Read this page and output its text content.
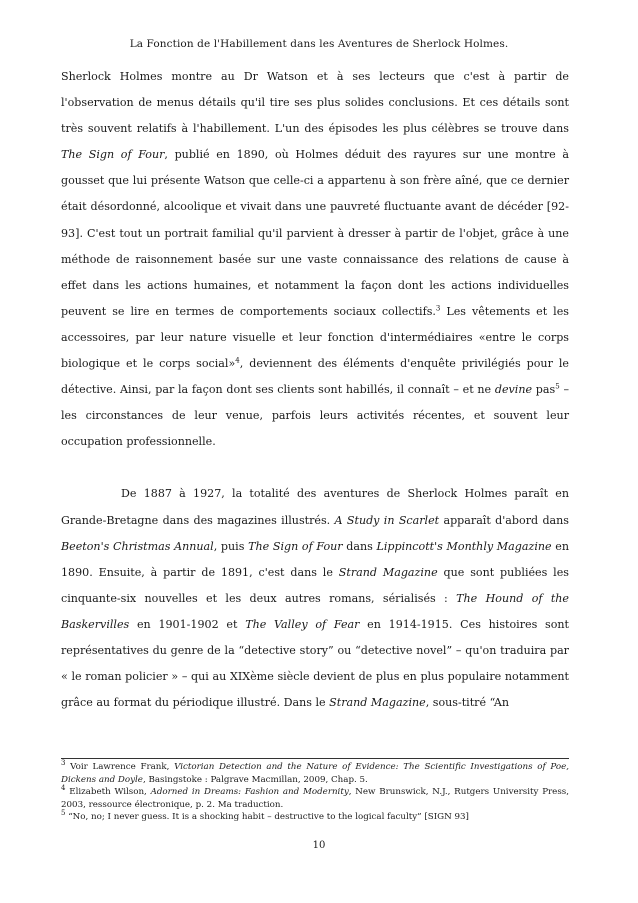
La Fonction de l'Habillement dans les Aventures de Sherlock Holmes.

Sherlock Holmes montre au Dr Watson et à ses lecteurs que c'est à partir de l'observation de menus détails qu'il tire ses plus solides conclusions. Et ces détails sont très souvent relatifs à l'habillement. L'un des épisodes les plus célèbres se trouve dans The Sign of Four, publié en 1890, où Holmes déduit des rayures sur une montre à gousset que lui présente Watson que celle-ci a appartenu à son frère aîné, que ce dernier était désordonné, alcoolique et vivait dans une pauvreté fluctuante avant de décéder [92-93]. C'est tout un portrait familial qu'il parvient à dresser à partir de l'objet, grâce à une méthode de raisonnement basée sur une vaste connaissance des relations de cause à effet dans les actions humaines, et notamment la façon dont les actions individuelles peuvent se lire en termes de comportements sociaux collectifs.$^3$ Les vêtements et les accessoires, par leur nature visuelle et leur fonction d'intermédiaires «entre le corps biologique et le corps social»$^4$, deviennent des éléments d'enquête privilégiés pour le détective. Ainsi, par la façon dont ses clients sont habillés, il connaît – et ne devine pas$^5$ – les circonstances de leur venue, parfois leurs activités récentes, et souvent leur occupation professionnelle.

De 1887 à 1927, la totalité des aventures de Sherlock Holmes paraît en Grande-Bretagne dans des magazines illustrés. A Study in Scarlet apparaît d'abord dans Beeton's Christmas Annual, puis The Sign of Four dans Lippincott's Monthly Magazine en 1890. Ensuite, à partir de 1891, c'est dans le Strand Magazine que sont publiées les cinquante-six nouvelles et les deux autres romans, sérialisés : The Hound of the Baskervilles en 1901-1902 et The Valley of Fear en 1914-1915. Ces histoires sont représentatives du genre de la “detective story” ou “detective novel” – qu'on traduira par « le roman policier » – qui au XIXème siècle devient de plus en plus populaire notamment grâce au format du périodique illustré. Dans le Strand Magazine, sous-titré “An

$^3$ Voir Lawrence Frank, Victorian Detection and the Nature of Evidence: The Scientific Investigations of Poe, Dickens and Doyle, Basingstoke : Palgrave Macmillan, 2009, Chap. 5.

$^4$ Elizabeth Wilson, Adorned in Dreams: Fashion and Modernity, New Brunswick, N.J., Rutgers University Press, 2003, ressource électronique, p. 2. Ma traduction.

$^5$ “No, no; I never guess. It is a shocking habit – destructive to the logical faculty” [SIGN 93]

10
